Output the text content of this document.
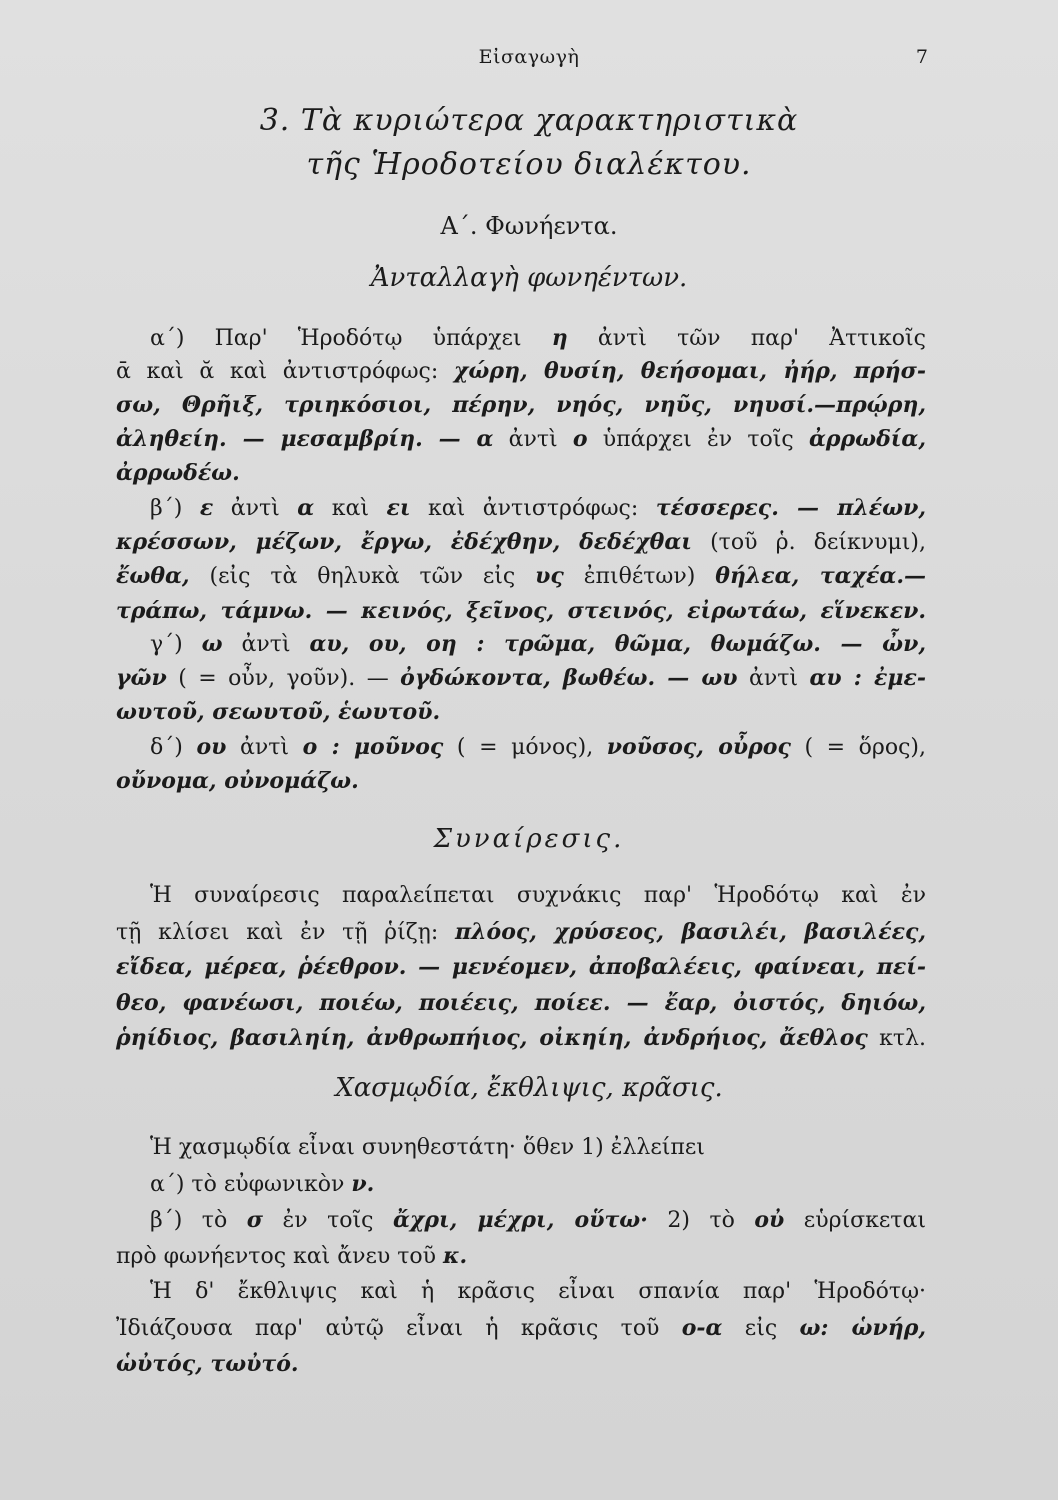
Εἰσαγωγὴ	7
3. Τὰ κυριώτερα χαρακτηριστικὰ
τῆς Ἡροδοτείου διαλέκτου.
Α΄. Φωνήεντα.
Ἀνταλλαγὴ φωνηέντων.
α΄) Παρ' Ἡροδότῳ ὑπάρχει η ἀντὶ τῶν παρ' Ἀττικοῖς
ᾱ καὶ ᾰ καὶ ἀντιστρόφως: χώρη, θυσίη, θεήσομαι, ἠήρ, πρήσ-
σω, Θρῆιξ, τριηκόσιοι, πέρην, νηός, νηῦς, νηυσί.—πρῴρη,
ἀληθείη. — μεσαμβρίη. — α ἀντὶ ο ὑπάρχει ἐν τοῖς ἀρρωδία,
ἀρρωδέω.
β΄) ε ἀντὶ α καὶ ει καὶ ἀντιστρόφως: τέσσερες. — πλέων,
κρέσσων, μέζων, ἔργω, ἐδέχθην, δεδέχθαι (τοῦ ῥ. δείκνυμι),
ἔωθα, (εἰς τὰ θηλυκὰ τῶν εἰς υς ἐπιθέτων) θήλεα, ταχέα.—
τράπω, τάμνω. — κεινός, ξεῖνος, στεινός, εἰρωτάω, εἵνεκεν.
γ΄) ω ἀντὶ αυ, ου, οη : τρῶμα, θῶμα, θωμάζω. — ὦν,
γῶν ( = οὖν, γοῦν). — ὀγδώκοντα, βωθέω. — ωυ ἀντὶ αυ : ἐμε-
ωυτοῦ, σεωυτοῦ, ἑωυτοῦ.
δ΄) ου ἀντὶ ο : μοῦνος ( = μόνος), νοῦσος, οὖρος ( = ὅρος),
οὔνομα, οὐνομάζω.
Συναίρεσις.
Ἡ συναίρεσις παραλείπεται συχνάκις παρ' Ἡροδότῳ καὶ ἐν
τῇ κλίσει καὶ ἐν τῇ ῥίζῃ: πλόος, χρύσεος, βασιλέι, βασιλέες,
εἴδεα, μέρεα, ῥέεθρον. — μενέομεν, ἀποβαλέεις, φαίνεαι, πεί-
θεο, φανέωσι, ποιέω, ποιέεις, ποίεε. — ἔαρ, ὀιστός, δηιόω,
ῥηίδιος, βασιληίη, ἀνθρωπήιος, οἰκηίη, ἀνδρήιος, ἄεθλος κτλ.
Χασμῳδία, ἔκθλιψις, κρᾶσις.
Ἡ χασμῳδία εἶναι συνηθεστάτη· ὅθεν 1) ἐλλείπει
α΄) τὸ εὐφωνικὸν ν.
β΄) τὸ σ ἐν τοῖς ἄχρι, μέχρι, οὕτω· 2) τὸ οὐ εὑρίσκεται
πρὸ φωνήεντος καὶ ἄνευ τοῦ κ.
Ἡ δ' ἔκθλιψις καὶ ἡ κρᾶσις εἶναι σπανία παρ' Ἡροδότῳ·
Ἰδιάζουσα παρ' αὐτῷ εἶναι ἡ κρᾶσις τοῦ ο-α εἰς ω: ὡνήρ,
ὡὐτός, τωὐτό.
